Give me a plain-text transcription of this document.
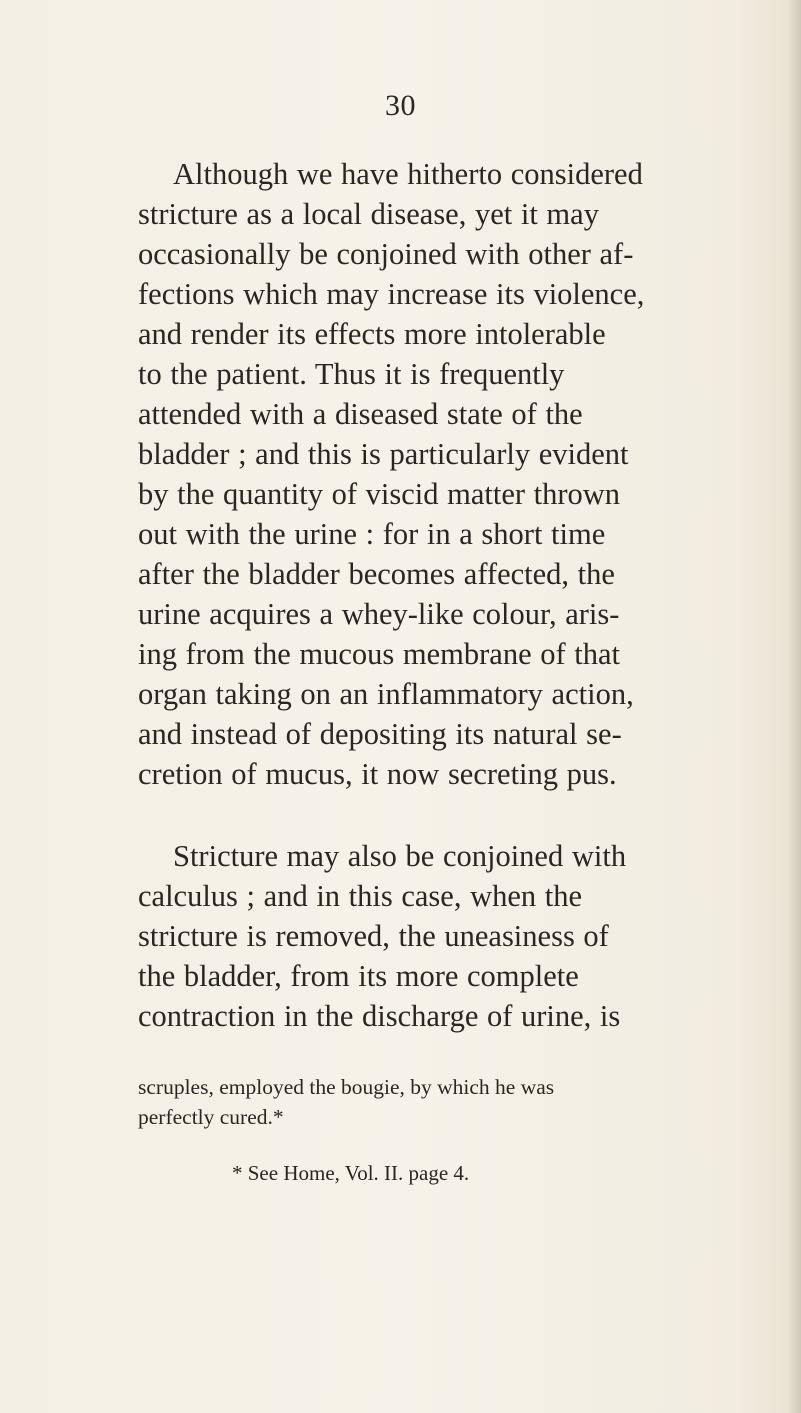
30
Although we have hitherto considered
stricture as a local disease, yet it may
occasionally be conjoined with other af-
fections which may increase its violence,
and render its effects more intolerable
to the patient. Thus it is frequently
attended with a diseased state of the
bladder ; and this is particularly evident
by the quantity of viscid matter thrown
out with the urine : for in a short time
after the bladder becomes affected, the
urine acquires a whey-like colour, aris-
ing from the mucous membrane of that
organ taking on an inflammatory action,
and instead of depositing its natural se-
cretion of mucus, it now secreting pus.
Stricture may also be conjoined with
calculus ; and in this case, when the
stricture is removed, the uneasiness of
the bladder, from its more complete
contraction in the discharge of urine, is
scruples, employed the bougie, by which he was
perfectly cured.*
* See Home, Vol. II. page 4.
